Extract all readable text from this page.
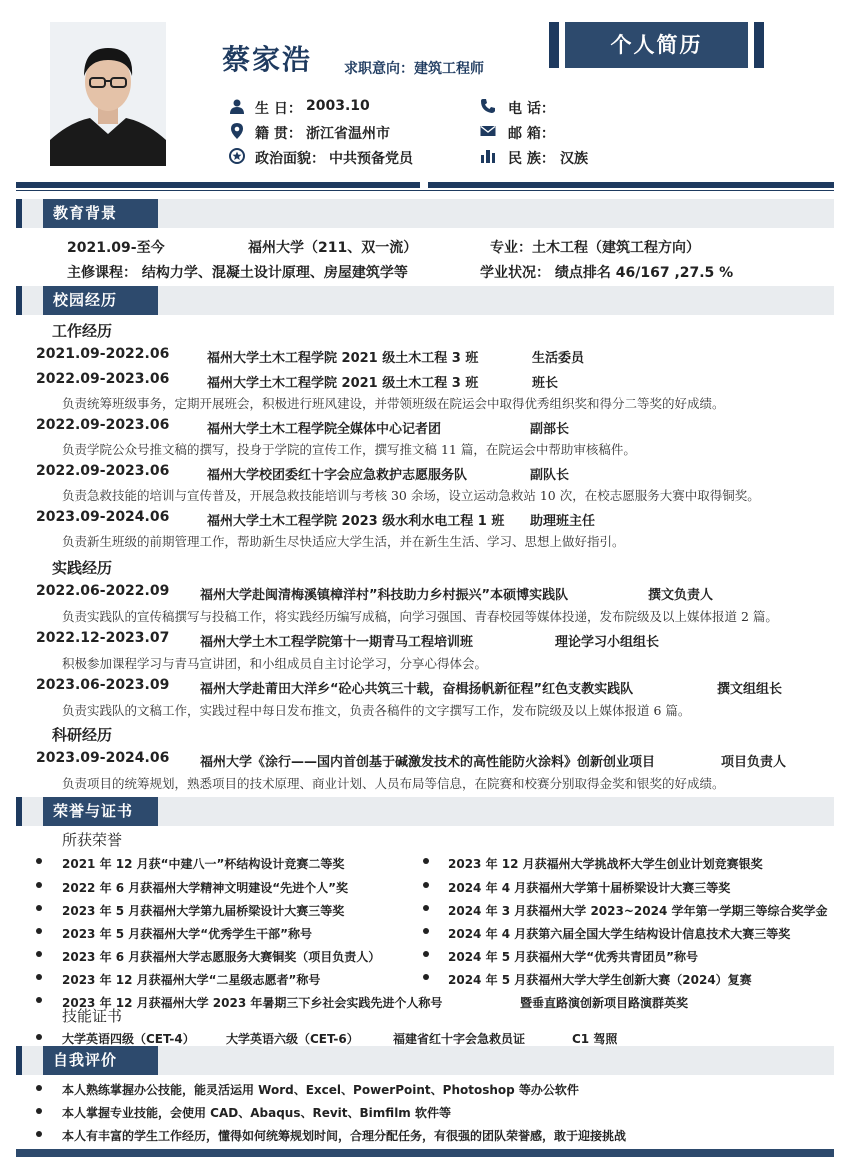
蔡家浩 求职意向：建筑工程师
个人简历
生 日： 2003.10
籍 贯： 浙江省温州市
政治面貌： 中共预备党员
电 话：
邮 箱：
民 族： 汉族
教育背景
2021.09-至今	福州大学（211、双一流）	专业：土木工程（建筑工程方向）
主修课程： 结构力学、混凝土设计原理、房屋建筑学等	学业状况： 绩点排名 46/167 ,27.5 %
校园经历
工作经历
2021.09-2022.06	福州大学土木工程学院 2021 级土木工程 3 班	生活委员
2022.09-2023.06	福州大学土木工程学院 2021 级土木工程 3 班	班长
负责统筹班级事务，定期开展班会，积极进行班风建设，并带领班级在院运会中取得优秀组织奖和得分二等奖的好成绩。
2022.09-2023.06	福州大学土木工程学院全媒体中心记者团	副部长
负责学院公众号推文稿的撰写，投身于学院的宣传工作，撰写推文稿 11 篇，在院运会中帮助审核稿件。
2022.09-2023.06	福州大学校团委红十字会应急救护志愿服务队	副队长
负责急救技能的培训与宣传普及，开展急救技能培训与考核 30 余场，设立运动急救站 10 次，在校志愿服务大赛中取得铜奖。
2023.09-2024.06	福州大学土木工程学院 2023 级水利水电工程 1 班 助理班主任
负责新生班级的前期管理工作，帮助新生尽快适应大学生活，并在新生生活、学习、思想上做好指引。
实践经历
2022.06-2022.09 福州大学赴闽清梅溪镇樟洋村”科技助力乡村振兴”本硕博实践队	撰文负责人
负责实践队的宣传稿撰写与投稿工作，将实践经历编写成稿，向学习强国、青春校园等媒体投递，发布院级及以上媒体报道 2 篇。
2022.12-2023.07 福州大学土木工程学院第十一期青马工程培训班	理论学习小组组长
积极参加课程学习与青马宣讲团，和小组成员自主讨论学习，分享心得体会。
2023.06-2023.09 福州大学赴莆田大洋乡“砼心共筑三十载，奋楫扬帆新征程”红色支教实践队	撰文组组长
负责实践队的文稿工作，实践过程中每日发布推文，负责各稿件的文字撰写工作，发布院级及以上媒体报道 6 篇。
科研经历
2023.09-2024.06 福州大学《涂行——国内首创基于碱激发技术的高性能防火涂料》创新创业项目	项目负责人
负责项目的统筹规划，熟悉项目的技术原理、商业计划、人员布局等信息，在院赛和校赛分别取得金奖和银奖的好成绩。
荣誉与证书
所获荣誉
2021 年 12 月获“中建八一”杯结构设计竞赛二等奖
2022 年 6 月获福州大学精神文明建设“先进个人”奖
2023 年 5 月获福州大学第九届桥梁设计大赛三等奖
2023 年 5 月获福州大学“优秀学生干部”称号
2023 年 6 月获福州大学志愿服务大赛铜奖（项目负责人）
2023 年 12 月获福州大学“二星级志愿者”称号
2023 年 12 月获福州大学 2023 年暑期三下乡社会实践先进个人称号
2023 年 12 月获福州大学挑战杯大学生创业计划竞赛银奖
2024 年 4 月获福州大学第十届桥梁设计大赛三等奖
2024 年 3 月获福州大学 2023~2024 学年第一学期三等综合奖学金
2024 年 4 月获第六届全国大学生结构设计信息技术大赛三等奖
2024 年 5 月获福州大学“优秀共青团员”称号
2024 年 5 月获福州大学大学生创新大赛（2024）复赛
暨垂直路演创新项目路演群英奖
技能证书
大学英语四级（CET-4）	大学英语六级（CET-6）	福建省红十字会急救员证	C1 驾照
自我评价
本人熟练掌握办公技能，能灵活运用 Word、Excel、PowerPoint、Photoshop 等办公软件
本人掌握专业技能，会使用 CAD、Abaqus、Revit、Bimfilm 软件等
本人有丰富的学生工作经历，懂得如何统筹规划时间，合理分配任务，有很强的团队荣誉感，敢于迎接挑战
